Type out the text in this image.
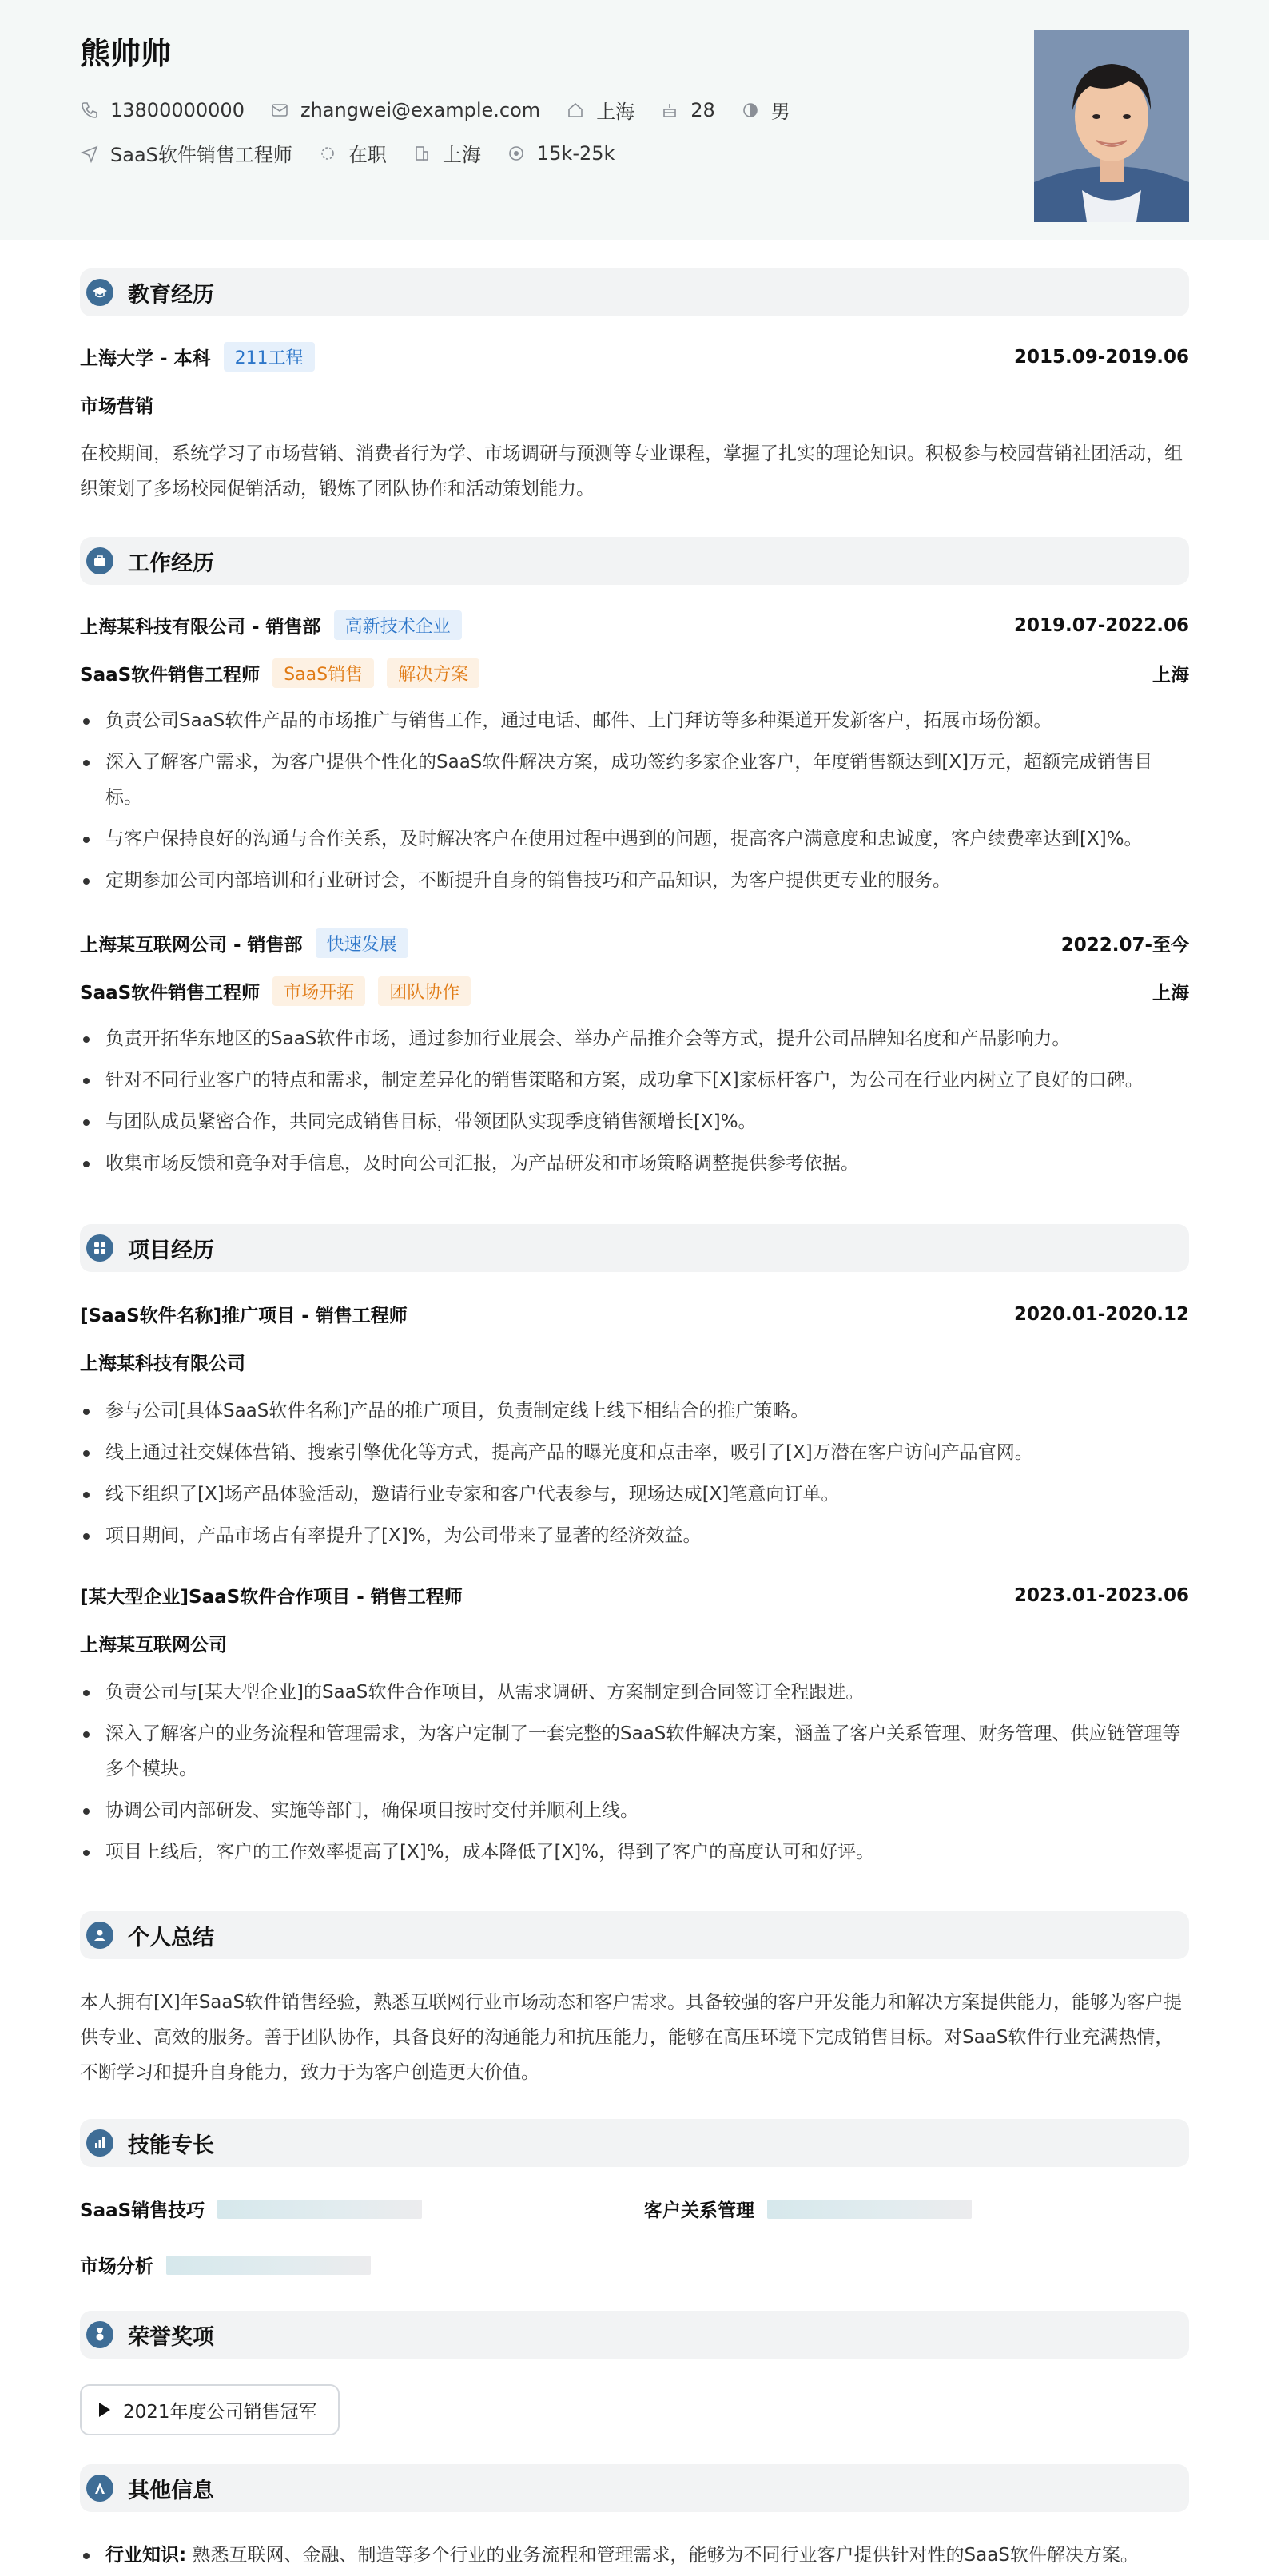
熊帅帅
13800000000	zhangwei@example.com	上海	28	男
SaaS软件销售工程师	在职	上海	15k-25k
教育经历
上海大学 - 本科	211工程	2015.09-2019.06
市场营销
在校期间，系统学习了市场营销、消费者行为学、市场调研与预测等专业课程，掌握了扎实的理论知识。积极参与校园营销社团活动，组织策划了多场校园促销活动，锻炼了团队协作和活动策划能力。
工作经历
上海某科技有限公司 - 销售部	高新技术企业	2019.07-2022.06
SaaS软件销售工程师	SaaS销售	解决方案	上海
负责公司SaaS软件产品的市场推广与销售工作，通过电话、邮件、上门拜访等多种渠道开发新客户，拓展市场份额。
深入了解客户需求，为客户提供个性化的SaaS软件解决方案，成功签约多家企业客户，年度销售额达到[X]万元，超额完成销售目标。
与客户保持良好的沟通与合作关系，及时解决客户在使用过程中遇到的问题，提高客户满意度和忠诚度，客户续费率达到[X]%。
定期参加公司内部培训和行业研讨会，不断提升自身的销售技巧和产品知识，为客户提供更专业的服务。
上海某互联网公司 - 销售部	快速发展	2022.07-至今
SaaS软件销售工程师	市场开拓	团队协作	上海
负责开拓华东地区的SaaS软件市场，通过参加行业展会、举办产品推介会等方式，提升公司品牌知名度和产品影响力。
针对不同行业客户的特点和需求，制定差异化的销售策略和方案，成功拿下[X]家标杆客户，为公司在行业内树立了良好的口碑。
与团队成员紧密合作，共同完成销售目标，带领团队实现季度销售额增长[X]%。
收集市场反馈和竞争对手信息，及时向公司汇报，为产品研发和市场策略调整提供参考依据。
项目经历
[SaaS软件名称]推广项目 - 销售工程师	2020.01-2020.12
上海某科技有限公司
参与公司[具体SaaS软件名称]产品的推广项目，负责制定线上线下相结合的推广策略。
线上通过社交媒体营销、搜索引擎优化等方式，提高产品的曝光度和点击率，吸引了[X]万潜在客户访问产品官网。
线下组织了[X]场产品体验活动，邀请行业专家和客户代表参与，现场达成[X]笔意向订单。
项目期间，产品市场占有率提升了[X]%，为公司带来了显著的经济效益。
[某大型企业]SaaS软件合作项目 - 销售工程师	2023.01-2023.06
上海某互联网公司
负责公司与[某大型企业]的SaaS软件合作项目，从需求调研、方案制定到合同签订全程跟进。
深入了解客户的业务流程和管理需求，为客户定制了一套完整的SaaS软件解决方案，涵盖了客户关系管理、财务管理、供应链管理等多个模块。
协调公司内部研发、实施等部门，确保项目按时交付并顺利上线。
项目上线后，客户的工作效率提高了[X]%，成本降低了[X]%，得到了客户的高度认可和好评。
个人总结
本人拥有[X]年SaaS软件销售经验，熟悉互联网行业市场动态和客户需求。具备较强的客户开发能力和解决方案提供能力，能够为客户提供专业、高效的服务。善于团队协作，具备良好的沟通能力和抗压能力，能够在高压环境下完成销售目标。对SaaS软件行业充满热情，不断学习和提升自身能力，致力于为客户创造更大价值。
技能专长
SaaS销售技巧	客户关系管理
市场分析
荣誉奖项
2021年度公司销售冠军
其他信息
行业知识: 熟悉互联网、金融、制造等多个行业的业务流程和管理需求，能够为不同行业客户提供针对性的SaaS软件解决方案。
